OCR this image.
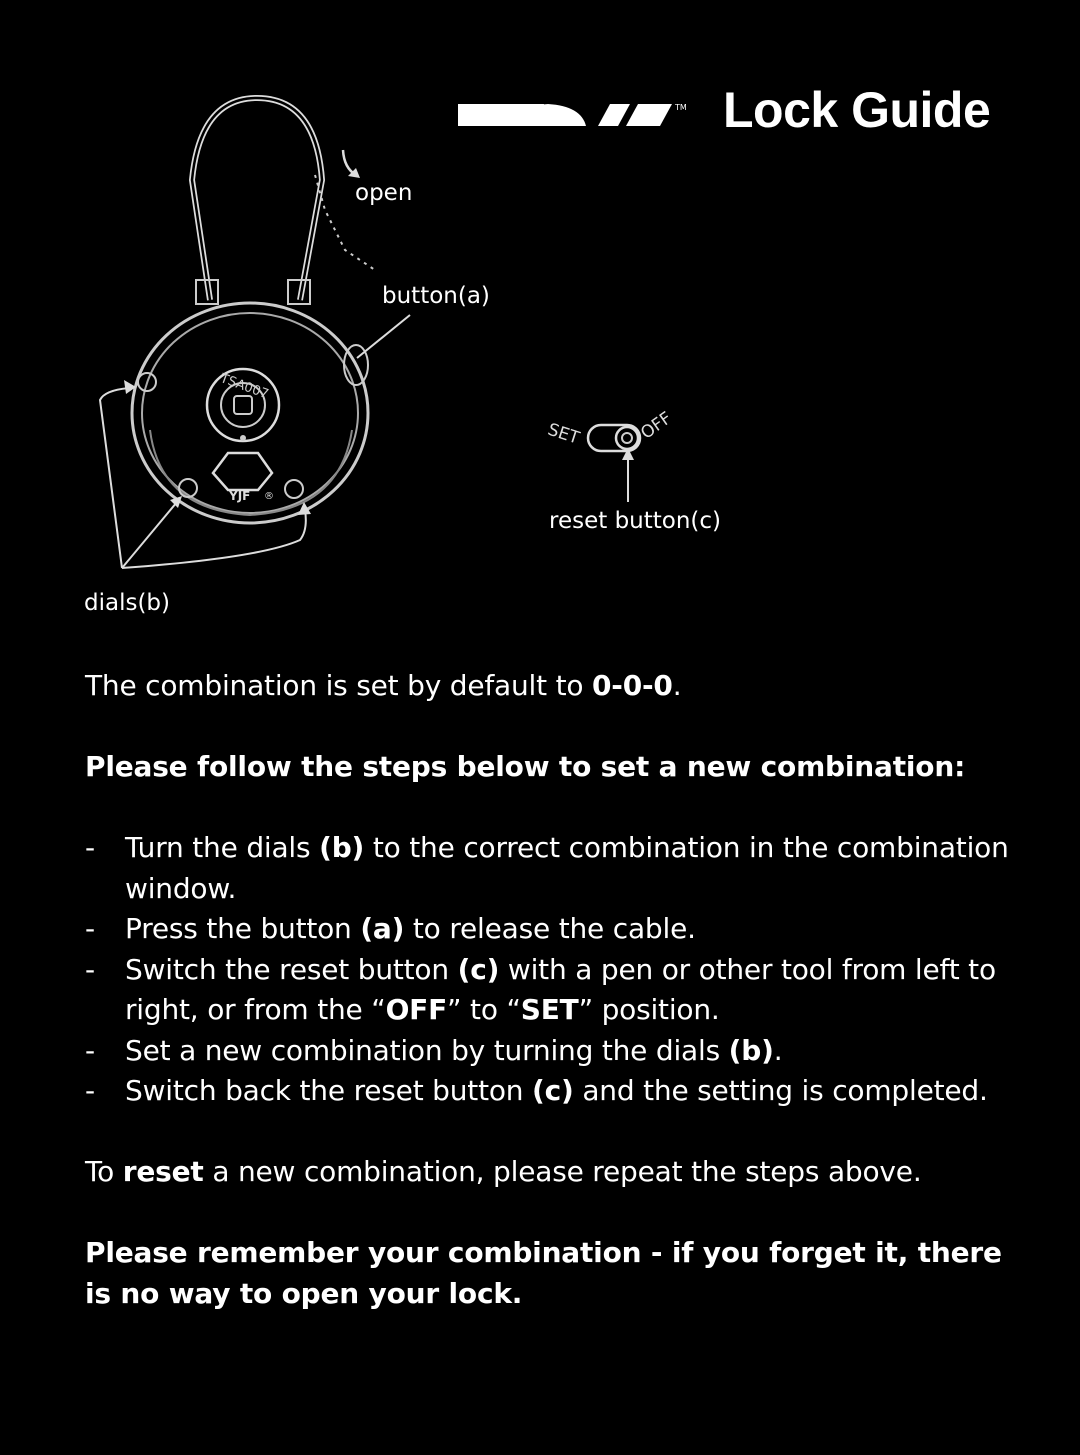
TM Lock Guide
open
button(a)
TSA007
YJF ®
dials(b)
SET	OFF
reset button(c)

The combination is set by default to 0-0-0.

Please follow the steps below to set a new combination:

- Turn the dials (b) to the correct combination in the combination window.
- Press the button (a) to release the cable.
- Switch the reset button (c) with a pen or other tool from left to right, or from the “OFF” to “SET” position.
- Set a new combination by turning the dials (b).
- Switch back the reset button (c) and the setting is completed.

To reset a new combination, please repeat the steps above.

Please remember your combination - if you forget it, there is no way to open your lock.
